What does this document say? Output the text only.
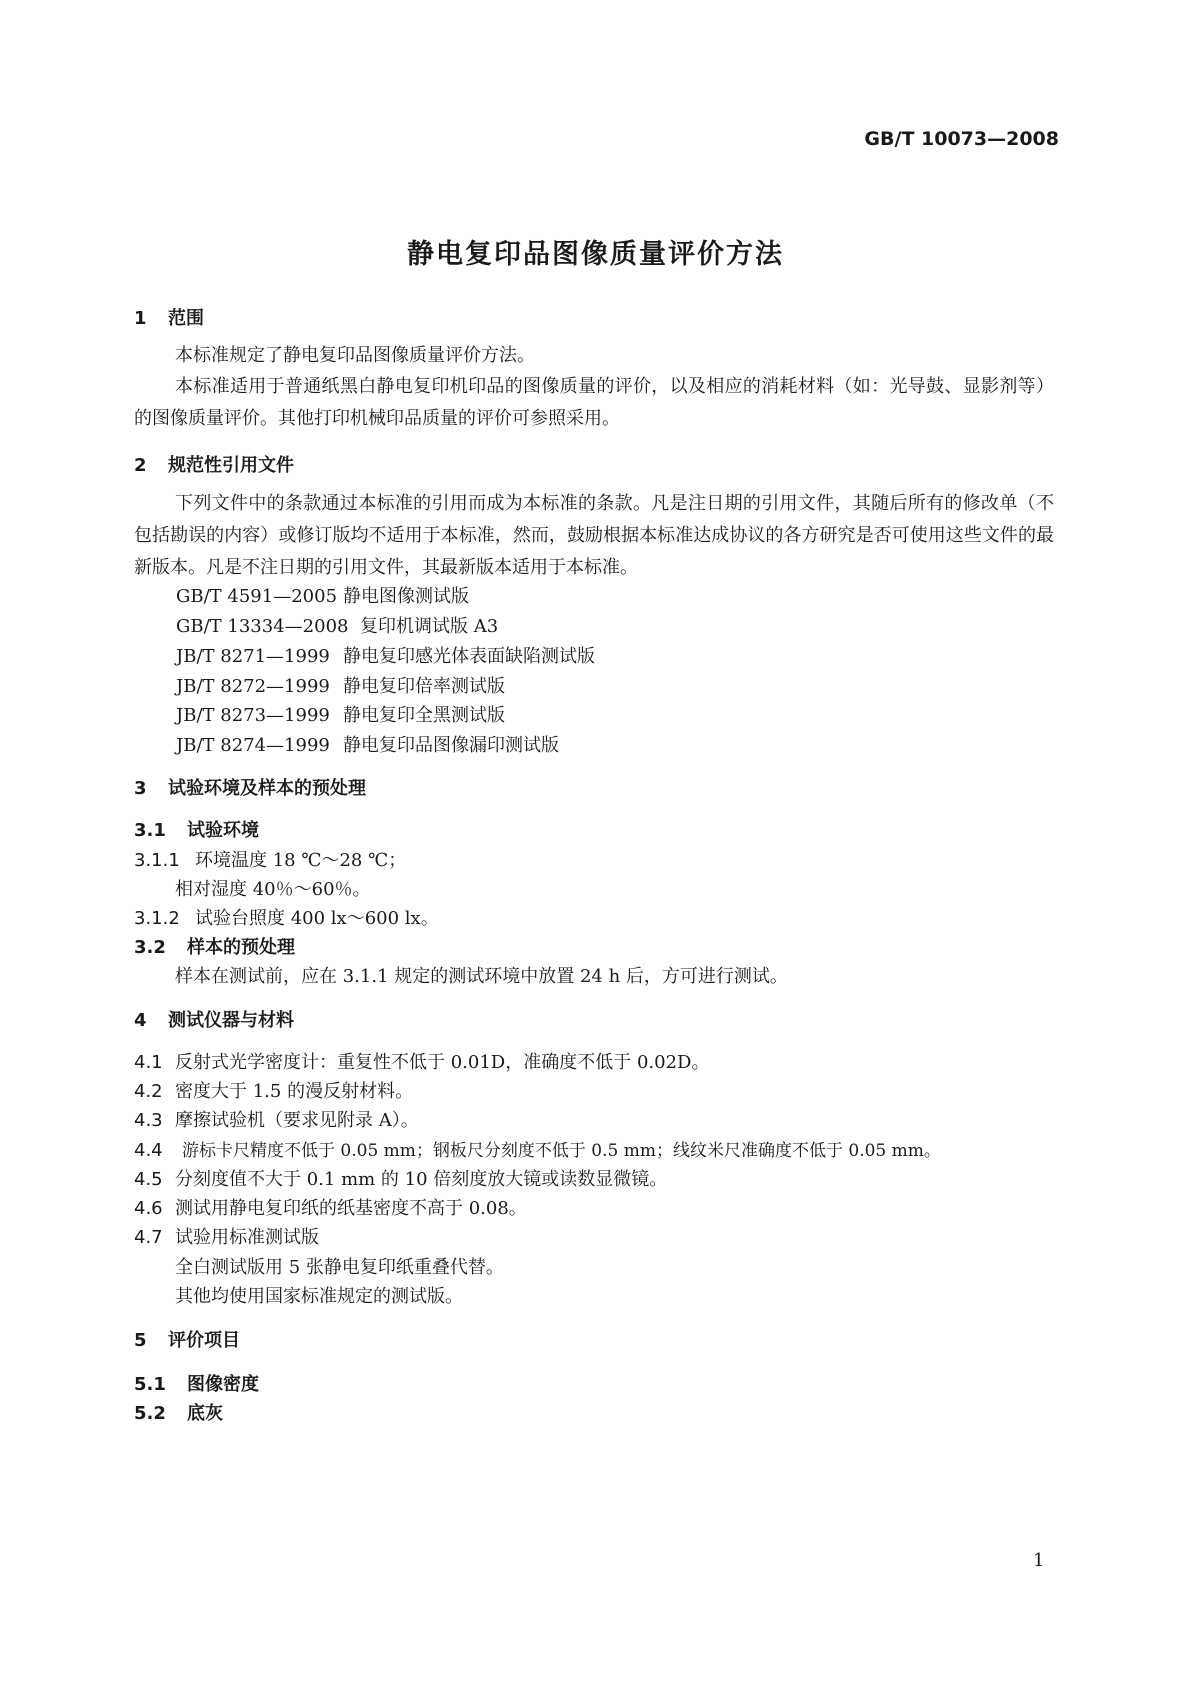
GB/T 10073—2008
静电复印品图像质量评价方法
1 范围
本标准规定了静电复印品图像质量评价方法。
本标准适用于普通纸黑白静电复印机印品的图像质量的评价，以及相应的消耗材料（如：光导鼓、显影剂等）的图像质量评价。其他打印机械印品质量的评价可参照采用。
2 规范性引用文件
下列文件中的条款通过本标准的引用而成为本标准的条款。凡是注日期的引用文件，其随后所有的修改单（不包括勘误的内容）或修订版均不适用于本标准，然而，鼓励根据本标准达成协议的各方研究是否可使用这些文件的最新版本。凡是不注日期的引用文件，其最新版本适用于本标准。
GB/T 4591—2005 静电图像测试版
GB/T 13334—2008 复印机调试版 A3
JB/T 8271—1999 静电复印感光体表面缺陷测试版
JB/T 8272—1999 静电复印倍率测试版
JB/T 8273—1999 静电复印全黑测试版
JB/T 8274—1999 静电复印品图像漏印测试版
3 试验环境及样本的预处理
3.1 试验环境
3.1.1 环境温度 18 ℃～28 ℃；
相对湿度 40％～60％。
3.1.2 试验台照度 400 lx～600 lx。
3.2 样本的预处理
样本在测试前，应在 3.1.1 规定的测试环境中放置 24 h 后，方可进行测试。
4 测试仪器与材料
4.1 反射式光学密度计：重复性不低于 0.01D，准确度不低于 0.02D。
4.2 密度大于 1.5 的漫反射材料。
4.3 摩擦试验机（要求见附录 A）。
4.4 游标卡尺精度不低于 0.05 mm；钢板尺分刻度不低于 0.5 mm；线纹米尺准确度不低于 0.05 mm。
4.5 分刻度值不大于 0.1 mm 的 10 倍刻度放大镜或读数显微镜。
4.6 测试用静电复印纸的纸基密度不高于 0.08。
4.7 试验用标准测试版
全白测试版用 5 张静电复印纸重叠代替。
其他均使用国家标准规定的测试版。
5 评价项目
5.1 图像密度
5.2 底灰
1
